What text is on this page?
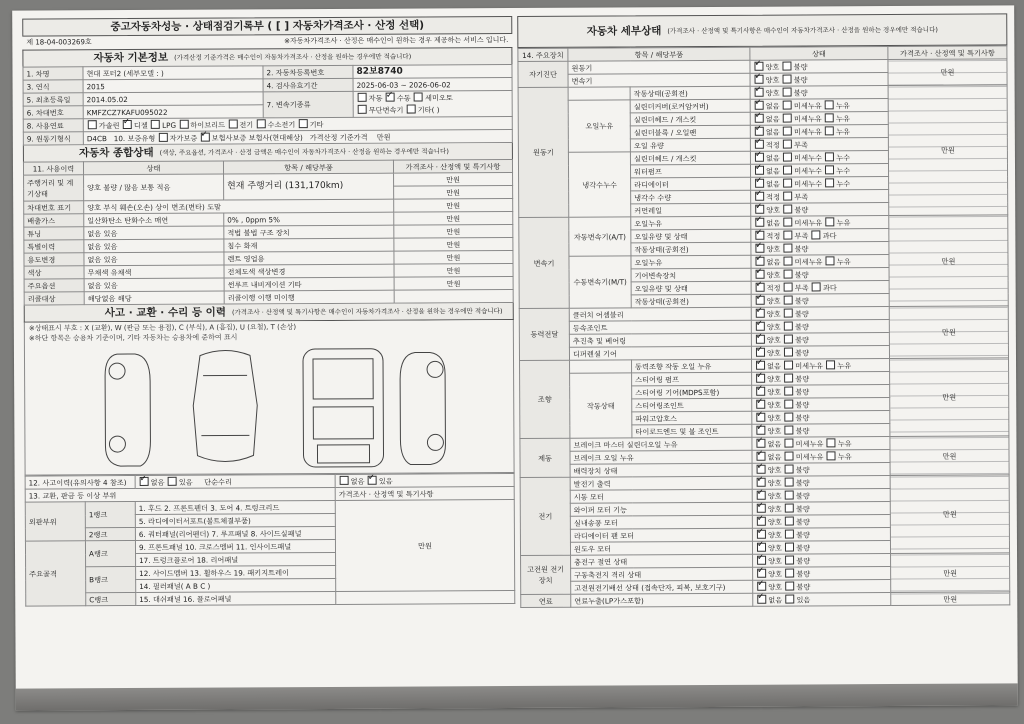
중고자동차성능 · 상태점검기록부 ( [ ] 자동차가격조사 · 산정 선택)
제 18-04-003269호	※자동차가격조사 · 산정은 매수인이 원하는 경우 제공하는 서비스 입니다.
자동차 기본정보 (가격산정 기준가격은 매수인이 자동차가격조사 · 산정을 원하는 경우에만 적습니다)
1. 차명	현대 포터2 (세부모델 : )	2. 자동차등록번호	82보8740
3. 연식	2015	4. 검사유효기간	2025-06-03 ~ 2026-06-02
5. 최초등록일	2014.05.02	7. 변속기종류	자동 ✓ 수동 세미오토
무단변속기 기타( )
6. 차대번호	KMFZCZ7KAFU095022		
8. 사용연료	가솔린 ✓ 디젤 LPG 하이브리드 전기 수소전기 기타
9. 원동기형식	D4CB 10. 보증유형 자가보증 ✓ 보험사보증 보험사(현대해상) 가격산정 기준가격 만원
자동차 종합상태 (색상, 주요옵션, 가격조사 · 산정 금액은 매수인이 자동차가격조사 · 산정을 원하는 경우에만 적습니다)
11. 사용이력	상태	항목 / 해당부품	가격조사 · 산정액 및 특기사항
주행거리 및 계기상태	양호 불량 / 많음 보통 적음	현재 주행거리 (131,170km)	만원
			만원
차대번호 표기	양호 부식 훼손(오손) 상이 변조(변타) 도말		만원
배출가스	일산화탄소 탄화수소 매연	0% , 0ppm 5%	만원
튜닝	없음 있음	적법 불법 구조 장치	만원
특별이력	없음 있음	침수 화재	만원
용도변경	없음 있음	렌트 영업용	만원
색상	무채색 유채색	전체도색 색상변경	만원
주요옵션	없음 있음	썬루프 내비게이션 기타	만원
리콜대상	해당없음 해당	리콜이행 이행 미이행	
사고 · 교환 · 수리 등 이력 (가격조사 · 산정액 및 특기사항은 매수인이 자동차가격조사 · 산정을 원하는 경우에만 적습니다)
※상태표시 부호 : X (교환), W (판금 또는 용접), C (부식), A (흠집), U (요철), T (손상)
※하단 항목은 승용차 기준이며, 기타 자동차는 승용차에 준하여 표시
12. 사고이력(유의사항 4 참조)	✓없음 있음 단순수리	없음 ✓ 있음
13. 교환, 판금 등 이상 부위			가격조사 · 산정액 및 특기사항
외판부위	1랭크	1. 후드 2. 프론트펜더 3. 도어 4. 트렁크리드	만원
		5. 라디에이터서포트(볼트체결부품)	
	2랭크	6. 쿼터패널(리어펜더) 7. 루프패널 8. 사이드실패널	
주요골격	A랭크	9. 프론트패널 10. 크로스멤버 11. 인사이드패널	
		17. 트렁크플로어 18. 리어패널	
	B랭크	12. 사이드멤버 13. 휠하우스 19. 패키지트레이	
		14. 필러패널( A B C )	
	C랭크	15. 대쉬패널 16. 플로어패널	
자동차 세부상태 (가격조사 · 산정액 및 특기사항은 매수인이 자동차가격조사 · 산정을 원하는 경우에만 적습니다)
14. 주요장치	항목 / 해당부품		상태	가격조사 · 산정액 및 특기사항
자기진단	원동기	✓양호 불량	만원
	변속기	✓양호 불량
원동기		작동상태(공회전)	✓양호 불량	만원
	오일누유	실린더커버(로커암커버)	✓없음 미세누유 누유
		실린더헤드 / 개스킷	✓없음 미세누유 누유
		실린더블록 / 오일팬	✓없음 미세누유 누유
		오일 유량	✓적정 부족
	냉각수누수	실린더헤드 / 개스킷	✓없음 미세누수 누수
		워터펌프	✓없음 미세누수 누수
		라디에이터	✓없음 미세누수 누수
		냉각수 수량	✓적정 부족
		커먼레일	✓양호 불량
변속기	자동변속기(A/T)	오일누유	✓없음 미세누유 누유	만원
		오일유량 및 상태	✓적정 부족 과다
		작동상태(공회전)	✓양호 불량
	수동변속기(M/T)	오일누유	✓없음 미세누유 누유
		기어변속장치	✓양호 불량
		오일유량 및 상태	✓적정 부족 과다
		작동상태(공회전)	✓양호 불량
동력전달	클러치 어셈블리	✓양호 불량	만원
	등속조인트	✓양호 불량
	추진축 및 베어링	✓양호 불량
	디퍼렌셜 기어	✓양호 불량
조향		동력조향 작동 오일 누유	✓없음 미세누유 누유	만원
	작동상태	스티어링 펌프	✓양호 불량
		스티어링 기어(MDPS포함)	✓양호 불량
		스티어링조인트	✓양호 불량
		파워고압호스	✓양호 불량
		타이로드엔드 및 볼 조인트	✓양호 불량
제동	브레이크 마스터 실린더오일 누유	✓없음 미세누유 누유	만원
	브레이크 오일 누유	✓없음 미세누유 누유
	배력장치 상태	✓양호 불량
전기	발전기 출력	✓양호 불량	만원
	시동 모터	✓양호 불량
	와이퍼 모터 기능	✓양호 불량
	실내송풍 모터	✓양호 불량
	라디에이터 팬 모터	✓양호 불량
	윈도우 모터	✓양호 불량
고전원 전기장치	충전구 절연 상태	✓양호 불량	만원
	구동축전지 격리 상태	✓양호 불량
	고전원전기배선 상태 (접속단자, 피복, 보호기구)	✓양호 불량
연료	연료누출(LP가스포함)	✓없음 있음	만원
